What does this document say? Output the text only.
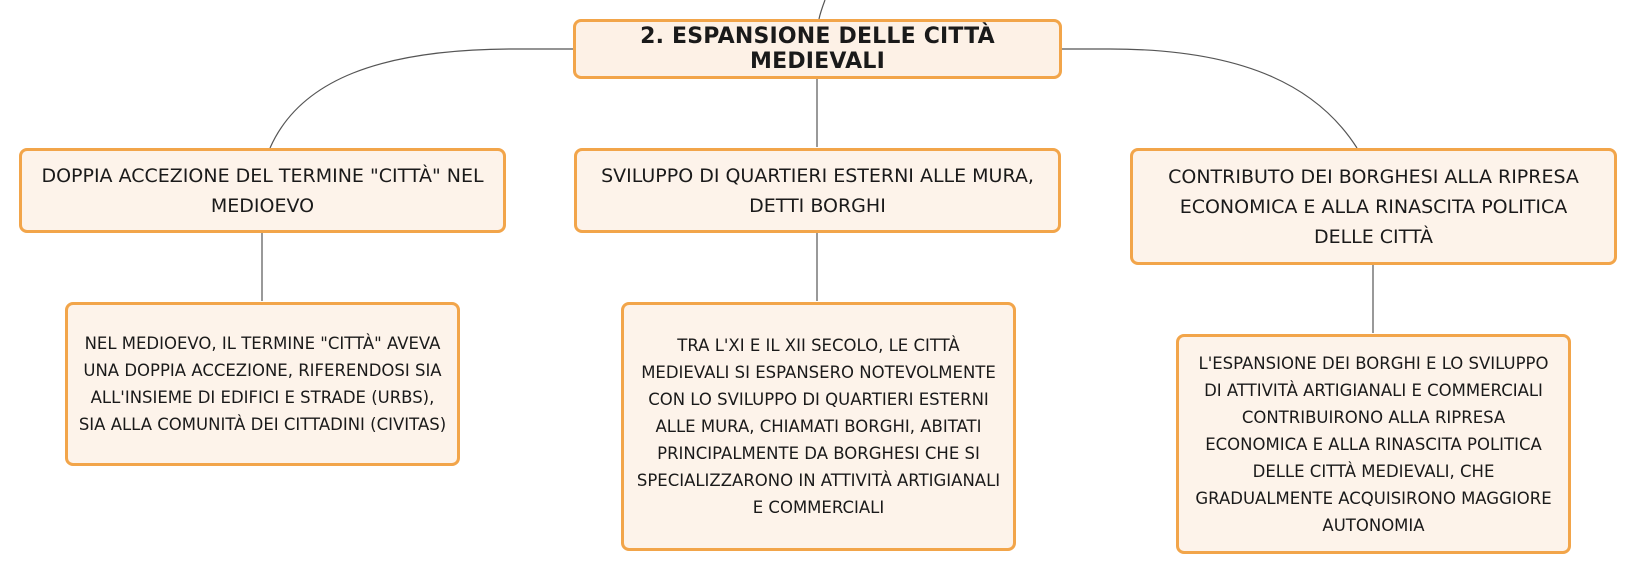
2. ESPANSIONE DELLE CITTÀ MEDIEVALI
DOPPIA ACCEZIONE DEL TERMINE "CITTÀ" NEL MEDIOEVO
SVILUPPO DI QUARTIERI ESTERNI ALLE MURA, DETTI BORGHI
CONTRIBUTO DEI BORGHESI ALLA RIPRESA ECONOMICA E ALLA RINASCITA POLITICA DELLE CITTÀ
NEL MEDIOEVO, IL TERMINE "CITTÀ" AVEVA UNA DOPPIA ACCEZIONE, RIFERENDOSI SIA ALL'INSIEME DI EDIFICI E STRADE (URBS), SIA ALLA COMUNITÀ DEI CITTADINI (CIVITAS)
TRA L'XI E IL XII SECOLO, LE CITTÀ MEDIEVALI SI ESPANSERO NOTEVOLMENTE CON LO SVILUPPO DI QUARTIERI ESTERNI ALLE MURA, CHIAMATI BORGHI, ABITATI PRINCIPALMENTE DA BORGHESI CHE SI SPECIALIZZARONO IN ATTIVITÀ ARTIGIANALI E COMMERCIALI
L'ESPANSIONE DEI BORGHI E LO SVILUPPO DI ATTIVITÀ ARTIGIANALI E COMMERCIALI CONTRIBUIRONO ALLA RIPRESA ECONOMICA E ALLA RINASCITA POLITICA DELLE CITTÀ MEDIEVALI, CHE GRADUALMENTE ACQUISIRONO MAGGIORE AUTONOMIA
